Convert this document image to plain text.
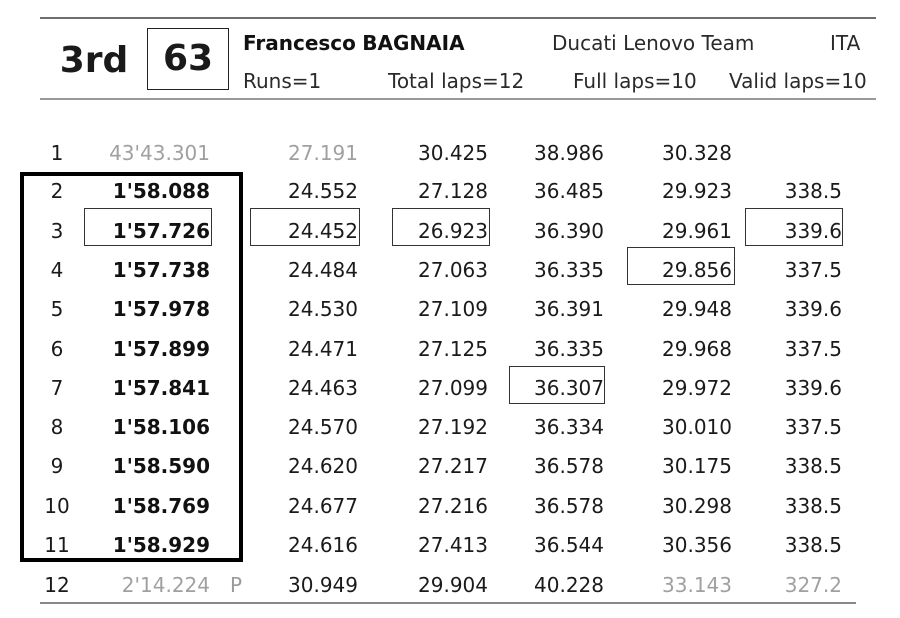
3rd 63	Francesco BAGNAIA	Ducati Lenovo Team	ITA
Runs=1	Total laps=12 Full laps=10 Valid laps=10
1	43'43.301	27.191	30.425	38.986	30.328
2	1'58.088	24.552	27.128	36.485	29.923	338.5
3	1'57.726	24.452	26.923	36.390	29.961	339.6
4	1'57.738	24.484	27.063	36.335	29.856	337.5
5	1'57.978	24.530	27.109	36.391	29.948	339.6
6	1'57.899	24.471	27.125	36.335	29.968	337.5
7	1'57.841	24.463	27.099	36.307	29.972	339.6
8	1'58.106	24.570	27.192	36.334	30.010	337.5
9	1'58.590	24.620	27.217	36.578	30.175	338.5
10	1'58.769	24.677	27.216	36.578	30.298	338.5
11	1'58.929	24.616	27.413	36.544	30.356	338.5
12	2'14.224 P	30.949	29.904	40.228	33.143	327.2
